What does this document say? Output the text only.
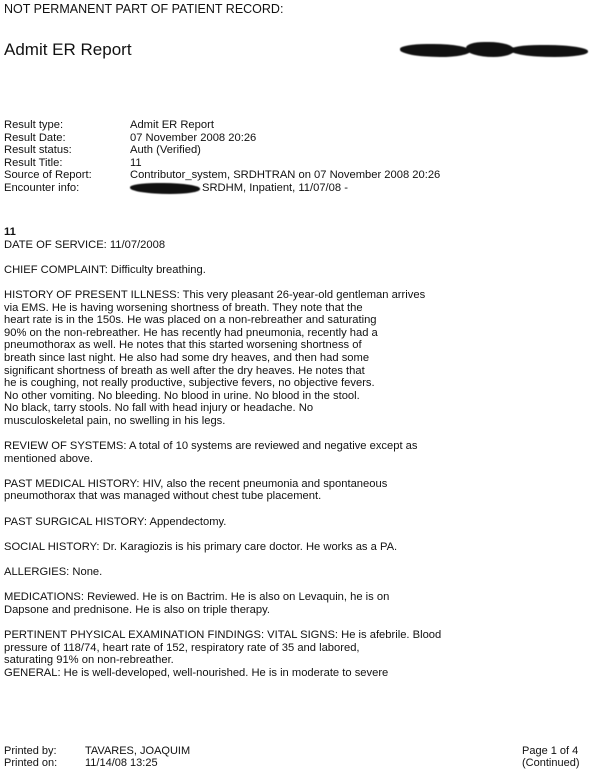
NOT PERMANENT PART OF PATIENT RECORD:
Admit ER Report
Result type:	Admit ER Report
Result Date:	07 November 2008 20:26
Result status:	Auth (Verified)
Result Title:	11
Source of Report:	Contributor_system, SRDHTRAN on 07 November 2008 20:26
Encounter info:	SRDHM, Inpatient, 11/07/08 -

11

DATE OF SERVICE: 11/07/2008

CHIEF COMPLAINT: Difficulty breathing.

HISTORY OF PRESENT ILLNESS: This very pleasant 26-year-old gentleman arrives
via EMS. He is having worsening shortness of breath. They note that the
heart rate is in the 150s. He was placed on a non-rebreather and saturating
90% on the non-rebreather. He has recently had pneumonia, recently had a
pneumothorax as well. He notes that this started worsening shortness of
breath since last night. He also had some dry heaves, and then had some
significant shortness of breath as well after the dry heaves. He notes that
he is coughing, not really productive, subjective fevers, no objective fevers.
No other vomiting. No bleeding. No blood in urine. No blood in the stool.
No black, tarry stools. No fall with head injury or headache. No
musculoskeletal pain, no swelling in his legs.

REVIEW OF SYSTEMS: A total of 10 systems are reviewed and negative except as
mentioned above.

PAST MEDICAL HISTORY: HIV, also the recent pneumonia and spontaneous
pneumothorax that was managed without chest tube placement.

PAST SURGICAL HISTORY: Appendectomy.

SOCIAL HISTORY: Dr. Karagiozis is his primary care doctor. He works as a PA.

ALLERGIES: None.

MEDICATIONS: Reviewed. He is on Bactrim. He is also on Levaquin, he is on
Dapsone and prednisone. He is also on triple therapy.

PERTINENT PHYSICAL EXAMINATION FINDINGS: VITAL SIGNS: He is afebrile. Blood
pressure of 118/74, heart rate of 152, respiratory rate of 35 and labored,
saturating 91% on non-rebreather.

GENERAL: He is well-developed, well-nourished. He is in moderate to severe

Printed by:	TAVARES, JOAQUIM
Printed on:	11/14/08 13:25
Page 1 of 4
(Continued)
